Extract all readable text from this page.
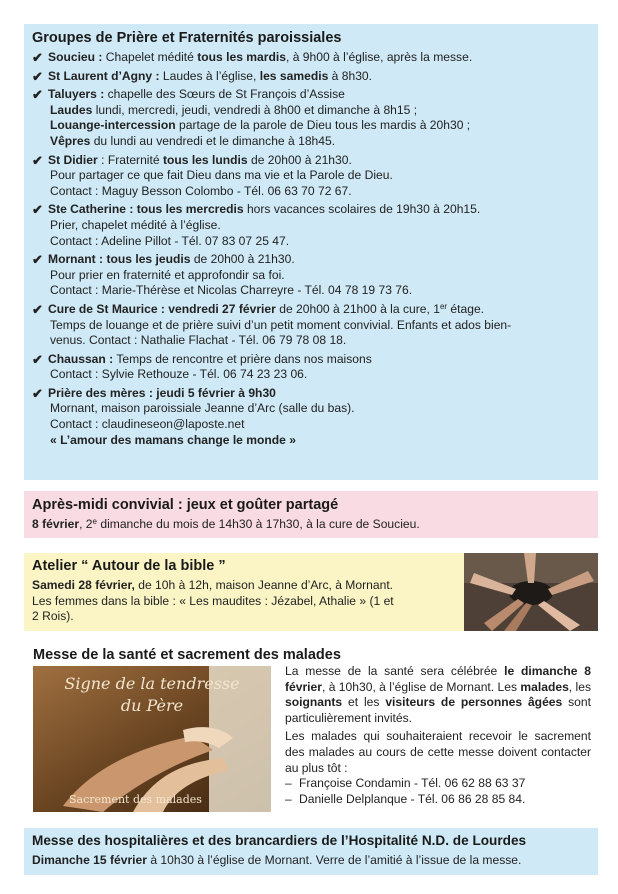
Groupes de Prière et Fraternités paroissiales
✔ Soucieu : Chapelet médité tous les mardis, à 9h00 à l’église, après la messe.
✔ St Laurent d’Agny : Laudes à l’église, les samedis à 8h30.
✔ Taluyers : chapelle des Sœurs de St François d’Assise
Laudes lundi, mercredi, jeudi, vendredi à 8h00 et dimanche à 8h15 ;
Louange-intercession partage de la parole de Dieu tous les mardis à 20h30 ;
Vêpres du lundi au vendredi et le dimanche à 18h45.
✔ St Didier : Fraternité tous les lundis de 20h00 à 21h30.
Pour partager ce que fait Dieu dans ma vie et la Parole de Dieu.
Contact : Maguy Besson Colombo - Tél. 06 63 70 72 67.
✔ Ste Catherine : tous les mercredis hors vacances scolaires de 19h30 à 20h15.
Prier, chapelet médité à l’église.
Contact : Adeline Pillot - Tél. 07 83 07 25 47.
✔ Mornant : tous les jeudis de 20h00 à 21h30.
Pour prier en fraternité et approfondir sa foi.
Contact : Marie-Thérèse et Nicolas Charreyre - Tél. 04 78 19 73 76.
✔ Cure de St Maurice : vendredi 27 février de 20h00 à 21h00 à la cure, 1er étage.
Temps de louange et de prière suivi d’un petit moment convivial. Enfants et ados bien-
venus. Contact : Nathalie Flachat - Tél. 06 79 78 08 18.
✔ Chaussan : Temps de rencontre et prière dans nos maisons
Contact : Sylvie Rethouze - Tél. 06 74 23 23 06.
✔ Prière des mères : jeudi 5 février à 9h30
Mornant, maison paroissiale Jeanne d’Arc (salle du bas).
Contact : claudineseon@laposte.net
« L’amour des mamans change le monde »
Après-midi convivial : jeux et goûter partagé
8 février, 2e dimanche du mois de 14h30 à 17h30, à la cure de Soucieu.
Atelier “ Autour de la bible ”
Samedi 28 février, de 10h à 12h, maison Jeanne d’Arc, à Mornant.
Les femmes dans la bible : « Les maudites : Jézabel, Athalie » (1 et
2 Rois).
Messe de la santé et sacrement des malades
Signe de la tendresse
du Père
Sacrement des malades

La messe de la santé sera célébrée le dimanche 8 février, à 10h30, à l’église de Mornant. Les malades, les soignants et les visiteurs de personnes âgées sont particulièrement invités.

Les malades qui souhaiteraient recevoir le sacrement des malades au cours de cette messe doivent contacter au plus tôt :

– Françoise Condamin - Tél. 06 62 88 63 37
– Danielle Delplanque - Tél. 06 86 28 85 84.
Messe des hospitalières et des brancardiers de l’Hospitalité N.D. de Lourdes
Dimanche 15 février à 10h30 à l’église de Mornant. Verre de l’amitié à l’issue de la messe.
